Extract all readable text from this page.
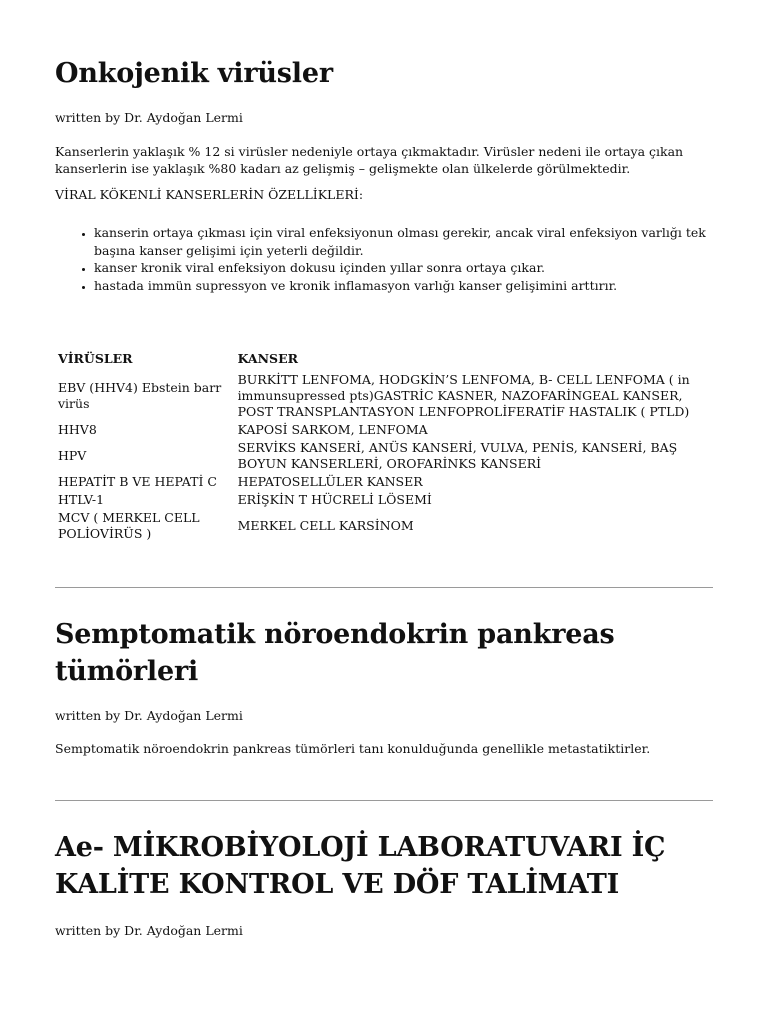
Onkojenik virüsler

written by Dr. Aydoğan Lermi

Kanserlerin yaklaşık % 12 si virüsler nedeniyle ortaya çıkmaktadır. Virüsler nedeni ile ortaya çıkan kanserlerin ise yaklaşık %80 kadarı az gelişmiş – gelişmekte olan ülkelerde görülmektedir.

VİRAL KÖKENLİ KANSERLERİN ÖZELLİKLERİ:

• kanserin ortaya çıkması için viral enfeksiyonun olması gerekir, ancak viral enfeksiyon varlığı tek başına kanser gelişimi için yeterli değildir.
• kanser kronik viral enfeksiyon dokusu içinden yıllar sonra ortaya çıkar.
• hastada immün supressyon ve kronik inflamasyon varlığı kanser gelişimini arttırır.
VİRÜSLER	KANSER
EBV (HHV4) Ebstein barr virüs	BURKİTT LENFOMA, HODGKİN’S LENFOMA, B- CELL LENFOMA ( in immunsupressed pts)GASTRİC KASNER, NAZOFARİNGEAL KANSER, POST TRANSPLANTASYON LENFOPROLİFERATİF HASTALIK ( PTLD)
HHV8	KAPOSİ SARKOM, LENFOMA
HPV	SERVİKS KANSERİ, ANÜS KANSERİ, VULVA, PENİS, KANSERİ, BAŞ BOYUN KANSERLERİ, OROFARİNKS KANSERİ
HEPATİT B VE HEPATİ C	HEPATOSELLÜLER KANSER
HTLV-1	ERİŞKİN T HÜCRELİ LÖSEMİ
MCV ( MERKEL CELL POLİOVİRÜS )	MERKEL CELL KARSİNOM
Semptomatik nöroendokrin pankreas tümörleri

written by Dr. Aydoğan Lermi

Semptomatik nöroendokrin pankreas tümörleri tanı konulduğunda genellikle metastatiktirler.

Ae- MİKROBİYOLOJİ LABORATUVARI İÇ KALİTE KONTROL VE DÖF TALİMATI

written by Dr. Aydoğan Lermi
